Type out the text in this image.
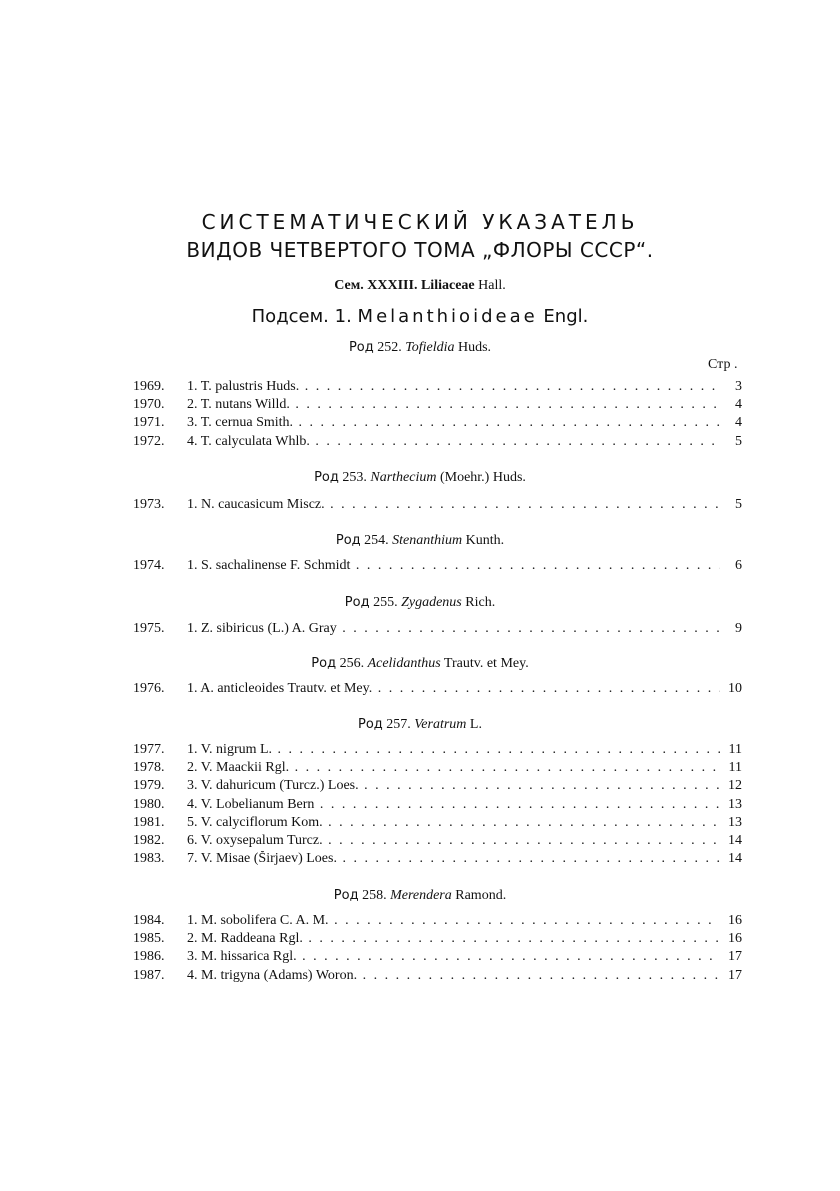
СИСТЕМАТИЧЕСКИЙ УКАЗАТЕЛЬ
ВИДОВ ЧЕТВЕРТОГО ТОМА „ФЛОРЫ СССР“.
Сем. XXXIII. Liliaceae Hall.
Подсем. 1. Melanthioideae Engl.
Стр .
Род 252. Tofieldia Huds.
1969. 1. T. palustris Huds. . . .	3
1970. 2. T. nutans Willd. . . .	4
1971. 3. T. cernua Smith. . . .	4
1972. 4. T. calyculata Whlb. . . .	5
Род 253. Narthecium (Moehr.) Huds.
1973. 1. N. caucasicum Miscz. . . .	5
Род 254. Stenanthium Kunth.
1974. 1. S. sachalinense F. Schmidt . . .	6
Род 255. Zygadenus Rich.
1975. 1. Z. sibiricus (L.) A. Gray . . .	9
Род 256. Acelidanthus Trautv. et Mey.
1976. 1. A. anticleoides Trautv. et Mey. . . .	10
Род 257. Veratrum L.
1977. 1. V. nigrum L. . . .	11
1978. 2. V. Maackii Rgl. . . .	11
1979. 3. V. dahuricum (Turcz.) Loes. . . .	12
1980. 4. V. Lobelianum Bern . . .	13
1981. 5. V. calyciflorum Kom. . . .	13
1982. 6. V. oxysepalum Turcz. . . .	14
1983. 7. V. Misae (Širjaev) Loes. . . .	14
Род 258. Merendera Ramond.
1984. 1. M. sobolifera C. A. M. . . .	16
1985. 2. M. Raddeana Rgl. . . .	16
1986. 3. M. hissarica Rgl. . . .	17
1987. 4. M. trigyna (Adams) Woron. . . .	17
